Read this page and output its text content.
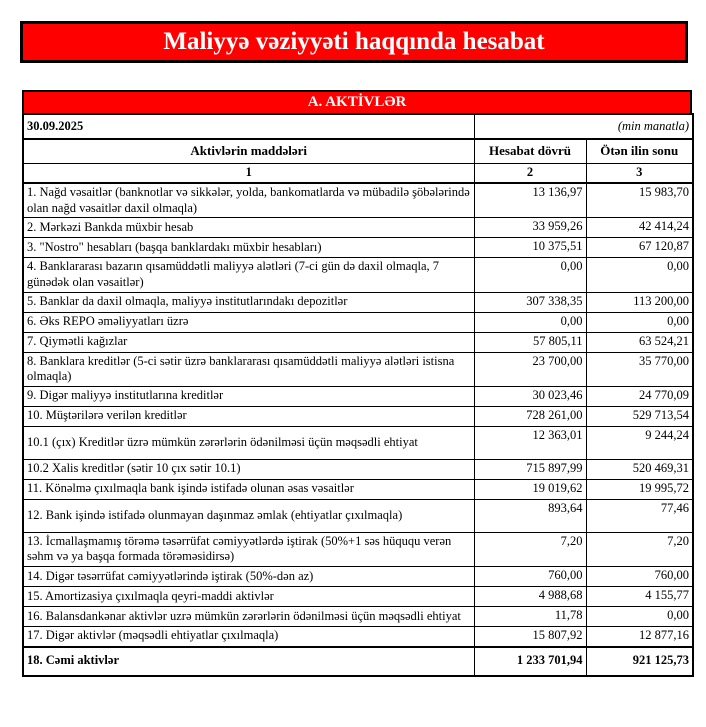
Maliyyə vəziyyəti haqqında hesabat
A. AKTİVLƏR
30.09.2025	(min manatla)	
Aktivlərin maddələri	Hesabat dövrü	Ötən ilin sonu
1	2	3
1. Nağd vəsaitlər (banknotlar və sikkələr, yolda, bankomatlarda və mübadilə şöbələrində olan nağd vəsaitlər daxil olmaqla)	13 136,97	15 983,70
2. Mərkəzi Bankda müxbir hesab	33 959,26	42 414,24
3. "Nostro" hesabları (başqa banklardakı müxbir hesabları)	10 375,51	67 120,87
4. Banklararası bazarın qısamüddətli maliyyə alətləri (7-ci gün də daxil olmaqla, 7 günədək olan vəsaitlər)	0,00	0,00
5. Banklar da daxil olmaqla, maliyyə institutlarındakı depozitlər	307 338,35	113 200,00
6. Əks REPO əməliyyatları üzrə	0,00	0,00
7. Qiymətli kağızlar	57 805,11	63 524,21
8. Banklara kreditlər (5-ci sətir üzrə banklararası qısamüddətli maliyyə alətləri istisna olmaqla)	23 700,00	35 770,00
9. Digər maliyyə institutlarına kreditlər	30 023,46	24 770,09
10. Müştərilərə verilən kreditlər	728 261,00	529 713,54
10.1 (çıx) Kreditlər üzrə mümkün zərərlərin ödənilməsi üçün məqsədli ehtiyat	12 363,01	9 244,24
10.2 Xalis kreditlər (sətir 10 çıx sətir 10.1)	715 897,99	520 469,31
11. Könəlmə çıxılmaqla bank işində istifadə olunan əsas vəsaitlər	19 019,62	19 995,72
12. Bank işində istifadə olunmayan daşınmaz əmlak (ehtiyatlar çıxılmaqla)	893,64	77,46
13. İcmallaşmamış törəmə təsərrüfat cəmiyyətlərdə iştirak (50%+1 səs hüququ verən səhm və ya başqa formada törəməsidirsə)	7,20	7,20
14. Digər təsərrüfat cəmiyyətlərində iştirak (50%-dən az)	760,00	760,00
15. Amortizasiya çıxılmaqla qeyri-maddi aktivlər	4 988,68	4 155,77
16. Balansdankənar aktivlər uzrə mümkün zərərlərin ödənilməsi üçün məqsədli ehtiyat	11,78	0,00
17. Digər aktivlər (məqsədli ehtiyatlar çıxılmaqla)	15 807,92	12 877,16
18. Cəmi aktivlər	1 233 701,94	921 125,73
